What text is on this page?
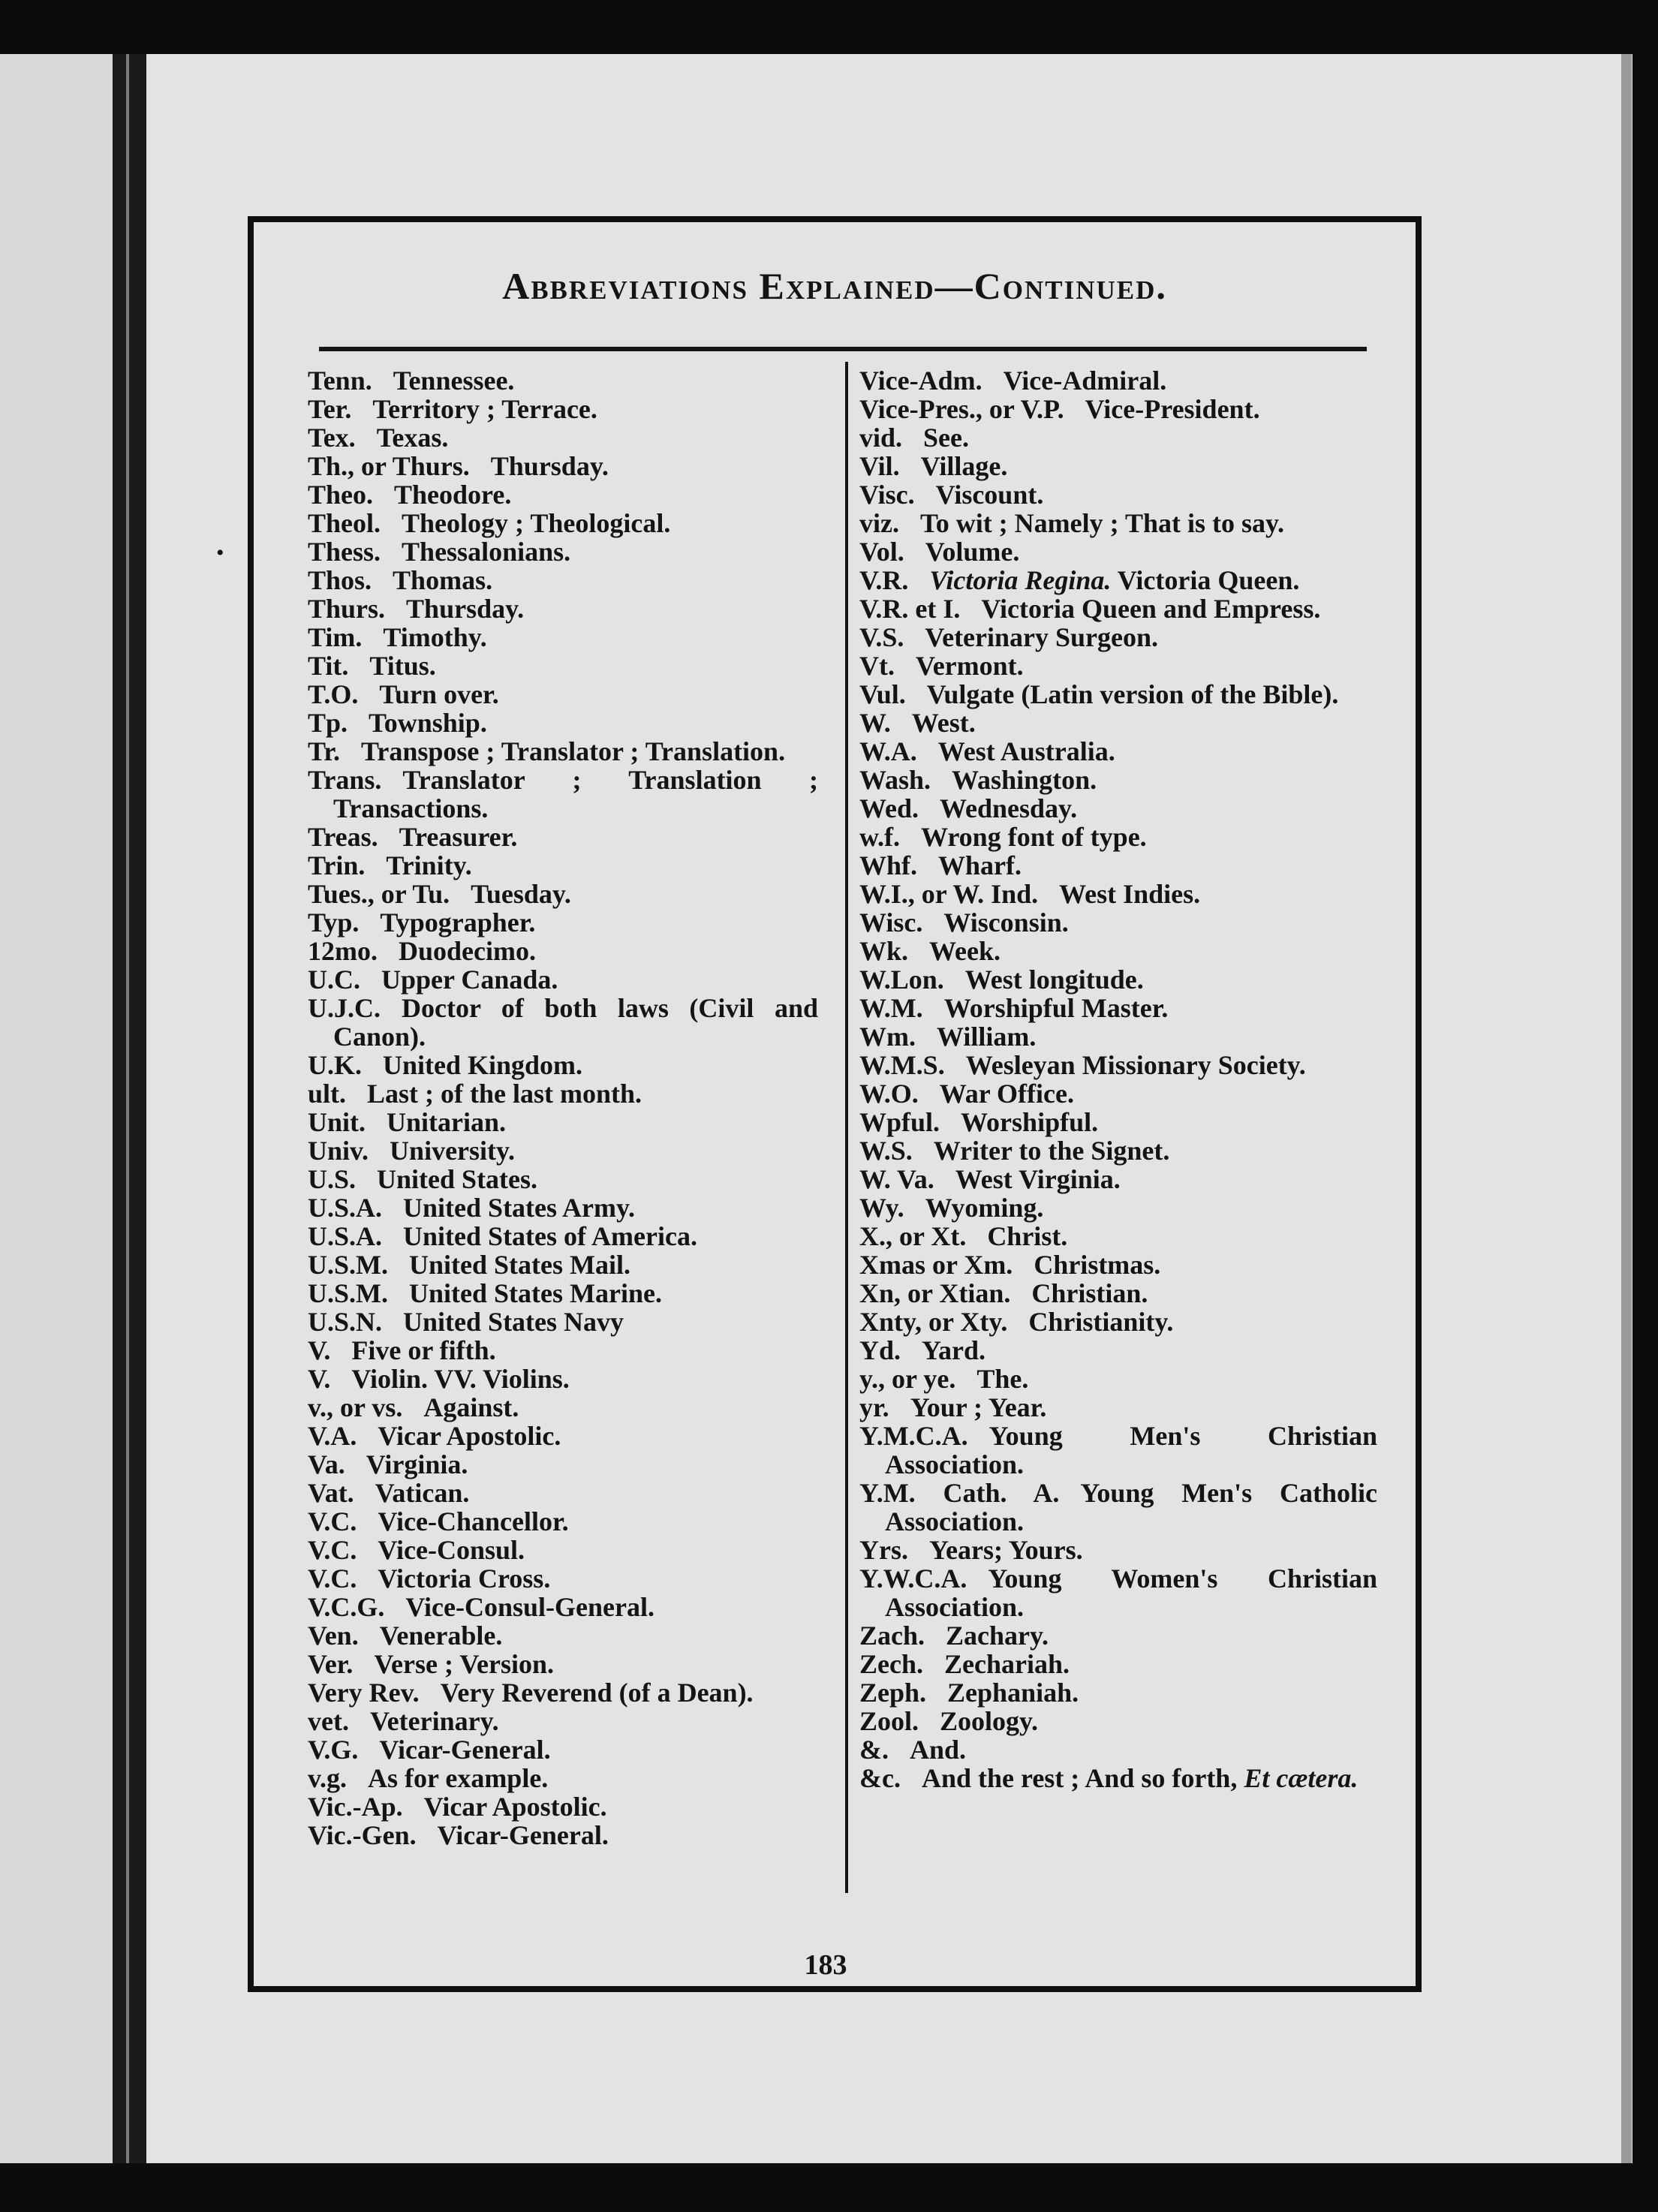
•
Abbreviations Explained—Continued.
Tenn. Tennessee.
Ter. Territory ; Terrace.
Tex. Texas.
Th., or Thurs. Thursday.
Theo. Theodore.
Theol. Theology ; Theological.
Thess. Thessalonians.
Thos. Thomas.
Thurs. Thursday.
Tim. Timothy.
Tit. Titus.
T.O. Turn over.
Tp. Township.
Tr. Transpose ; Translator ; Translation.
Trans. Translator ; Translation ; Transactions.
Treas. Treasurer.
Trin. Trinity.
Tues., or Tu. Tuesday.
Typ. Typographer.
12mo. Duodecimo.
U.C. Upper Canada.
U.J.C. Doctor of both laws (Civil and Canon).
U.K. United Kingdom.
ult. Last ; of the last month.
Unit. Unitarian.
Univ. University.
U.S. United States.
U.S.A. United States Army.
U.S.A. United States of America.
U.S.M. United States Mail.
U.S.M. United States Marine.
U.S.N. United States Navy
V. Five or fifth.
V. Violin. VV. Violins.
v., or vs. Against.
V.A. Vicar Apostolic.
Va. Virginia.
Vat. Vatican.
V.C. Vice-Chancellor.
V.C. Vice-Consul.
V.C. Victoria Cross.
V.C.G. Vice-Consul-General.
Ven. Venerable.
Ver. Verse ; Version.
Very Rev. Very Reverend (of a Dean).
vet. Veterinary.
V.G. Vicar-General.
v.g. As for example.
Vic.-Ap. Vicar Apostolic.
Vic.-Gen. Vicar-General.
Vice-Adm. Vice-Admiral.
Vice-Pres., or V.P. Vice-President.
vid. See.
Vil. Village.
Visc. Viscount.
viz. To wit ; Namely ; That is to say.
Vol. Volume.
V.R. Victoria Regina. Victoria Queen.
V.R. et I. Victoria Queen and Empress.
V.S. Veterinary Surgeon.
Vt. Vermont.
Vul. Vulgate (Latin version of the Bible).
W. West.
W.A. West Australia.
Wash. Washington.
Wed. Wednesday.
w.f. Wrong font of type.
Whf. Wharf.
W.I., or W. Ind. West Indies.
Wisc. Wisconsin.
Wk. Week.
W.Lon. West longitude.
W.M. Worshipful Master.
Wm. William.
W.M.S. Wesleyan Missionary Society.
W.O. War Office.
Wpful. Worshipful.
W.S. Writer to the Signet.
W. Va. West Virginia.
Wy. Wyoming.
X., or Xt. Christ.
Xmas or Xm. Christmas.
Xn, or Xtian. Christian.
Xnty, or Xty. Christianity.
Yd. Yard.
y., or ye. The.
yr. Your ; Year.
Y.M.C.A. Young Men's Christian Association.
Y.M. Cath. A. Young Men's Catholic Association.
Yrs. Years; Yours.
Y.W.C.A. Young Women's Christian Association.
Zach. Zachary.
Zech. Zechariah.
Zeph. Zephaniah.
Zool. Zoology.
&. And.
&c. And the rest ; And so forth, Et cætera.
183
